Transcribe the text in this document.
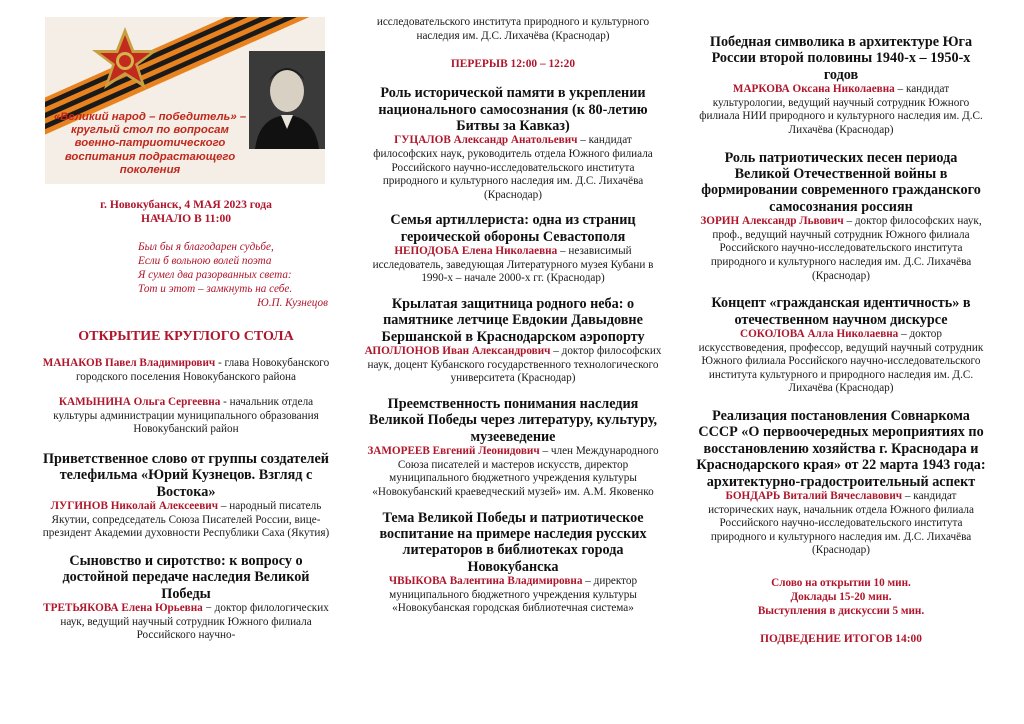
«Великий народ – победитель» –
круглый стол по вопросам
военно-патриотического
воспитания подрастающего
поколения
г. Новокубанск, 4 МАЯ 2023 года
НАЧАЛО В 11:00
Был бы я благодарен судьбе,
Если б вольною волей поэта
Я сумел два разорванных света:
Тот и этот – замкнуть на себе.
Ю.П. Кузнецов
ОТКРЫТИЕ КРУГЛОГО СТОЛА
МАНАКОВ Павел Владимирович - глава Новокубанского городского поселения Новокубанского района
КАМЫНИНА Ольга Сергеевна - начальник отдела культуры администрации муниципального образования Новокубанский район
Приветственное слово от группы создателей телефильма «Юрий Кузнецов. Взгляд с Востока»
ЛУГИНОВ Николай Алексеевич – народный писатель Якутии, сопредседатель Союза Писателей России, вице-президент Академии духовности Республики Саха (Якутия)
Сыновство и сиротство: к вопросу о достойной передаче наследия Великой Победы
ТРЕТЬЯКОВА Елена Юрьевна − доктор филологических наук, ведущий научный сотрудник Южного филиала Российского научно-
исследовательского института природного и культурного наследия им. Д.С. Лихачёва (Краснодар)
ПЕРЕРЫВ 12:00 – 12:20
Роль исторической памяти в укреплении национального самосознания (к 80-летию Битвы за Кавказ)
ГУЦАЛОВ Александр Анатольевич – кандидат философских наук, руководитель отдела Южного филиала Российского научно-исследовательского института природного и культурного наследия им. Д.С. Лихачёва (Краснодар)
Семья артиллериста: одна из страниц героической обороны Севастополя
НЕПОДОБА Елена Николаевна – независимый исследователь, заведующая Литературного музея Кубани в 1990-х – начале 2000-х гг. (Краснодар)
Крылатая защитница родного неба: о памятнике летчице Евдокии Давыдовне Бершанской в Краснодарском аэропорту
АПОЛЛОНОВ Иван Александрович – доктор философских наук, доцент Кубанского государственного технологического университета (Краснодар)
Преемственность понимания наследия Великой Победы через литературу, культуру, музееведение
ЗАМОРЕЕВ Евгений Леонидович – член Международного Союза писателей и мастеров искусств, директор муниципального бюджетного учреждения культуры «Новокубанский краеведческий музей» им. А.М. Яковенко
Тема Великой Победы и патриотическое воспитание на примере наследия русских литераторов в библиотеках города Новокубанска
ЧВЫКОВА Валентина Владимировна – директор муниципального бюджетного учреждения культуры «Новокубанская городская библиотечная система»
Победная символика в архитектуре Юга России второй половины 1940-х – 1950-х годов
МАРКОВА Оксана Николаевна – кандидат культурологии, ведущий научный сотрудник Южного филиала НИИ природного и культурного наследия им. Д.С. Лихачёва (Краснодар)
Роль патриотических песен периода Великой Отечественной войны в формировании современного гражданского самосознания россиян
ЗОРИН Александр Львович – доктор философских наук, проф., ведущий научный сотрудник Южного филиала Российского научно-исследовательского института природного и культурного наследия им. Д.С. Лихачёва (Краснодар)
Концепт «гражданская идентичность» в отечественном научном дискурсе
СОКОЛОВА Алла Николаевна – доктор искусствоведения, профессор, ведущий научный сотрудник Южного филиала Российского научно-исследовательского института культурного и природного наследия им. Д.С. Лихачёва (Краснодар)
Реализация постановления Совнаркома СССР «О первоочередных мероприятиях по восстановлению хозяйства г. Краснодара и Краснодарского края» от 22 марта 1943 года: архитектурно-градостроительный аспект
БОНДАРЬ Виталий Вячеславович – кандидат исторических наук, начальник отдела Южного филиала Российского научно-исследовательского института природного и культурного наследия им. Д.С. Лихачёва (Краснодар)
Слово на открытии 10 мин.
Доклады 15-20 мин.
Выступления в дискуссии 5 мин.
ПОДВЕДЕНИЕ ИТОГОВ 14:00
